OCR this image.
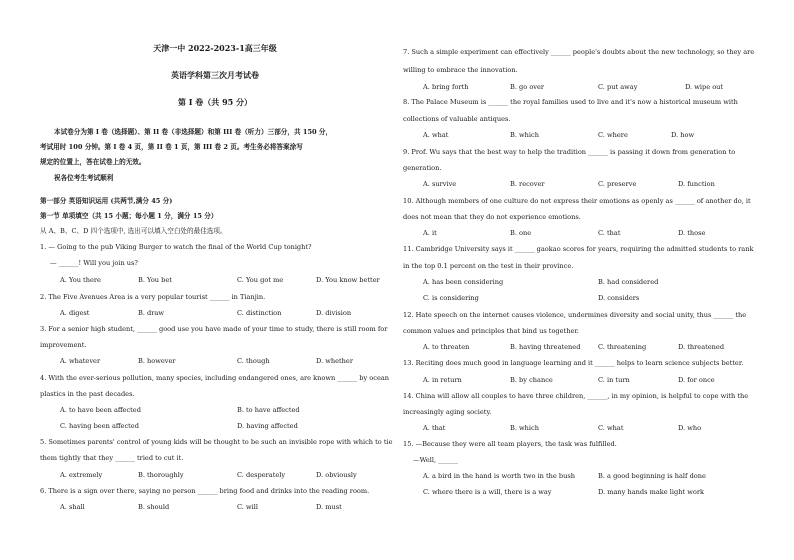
天津一中 2022-2023-1高三年级
英语学科第三次月考试卷
第 I 卷（共 95 分）
本试卷分为第 I 卷（选择题）、第 II 卷（非选择题）和第 III 卷（听力）三部分，共 150 分，
考试用时 100 分钟。第 I 卷 4 页，第 II 卷 1 页，第 III 卷 2 页。考生务必将答案涂写
规定的位置上，答在试卷上的无效。
祝各位考生考试顺利
第一部分 英语知识运用 (共两节,满分 45 分)
第一节 单项填空（共 15 小题；每小题 1 分，满分 15 分）
从 A、B、C、D 四个选项中, 选出可以填入空白处的最佳选项。
1. — Going to the pub Viking Burger to watch the final of the World Cup tonight?
— ______! Will you join us?
A. You there	B. You bet	C. You got me	D. You know better
2. The Five Avenues Area is a very popular tourist ______ in Tianjin.
A. digest	B. draw	C. distinction	D. division
3. For a senior high student, ______ good use you have made of your time to study, there is still room for
improvement.
A. whatever	B. however	C. though	D. whether
4. With the ever-serious pollution, many species, including endangered ones, are known ______ by ocean
plastics in the past decades.
A. to have been affected	B. to have affected
C. having been affected	D. having affected
5. Sometimes parents' control of young kids will be thought to be such an invisible rope with which to tie
them tightly that they ______ tried to cut it.
A. extremely	B. thoroughly	C. desperately	D. obviously
6. There is a sign over there, saying no person ______ bring food and drinks into the reading room.
A. shall	B. should	C. will	D. must
7. Such a simple experiment can effectively ______ people's doubts about the new technology, so they are
willing to embrace the innovation.
A. bring forth	B. go over	C. put away	D. wipe out
8. The Palace Museum is ______ the royal families used to live and it's now a historical museum with
collections of valuable antiques.
A. what	B. which	C. where	D. how
9. Prof. Wu says that the best way to help the tradition ______ is passing it down from generation to
generation.
A. survive	B. recover	C. preserve	D. function
10. Although members of one culture do not express their emotions as openly as ______ of another do, it
does not mean that they do not experience emotions.
A. it	B. one	C. that	D. those
11. Cambridge University says it ______ gaokao scores for years, requiring the admitted students to rank
in the top 0.1 percent on the test in their province.
A. has been considering	B. had considered
C. is considering	D. considers
12. Hate speech on the internet causes violence, undermines diversity and social unity, thus ______ the
common values and principles that bind us together.
A. to threaten	B. having threatened	C. threatening	D. threatened
13. Reciting does much good in language learning and it ______ helps to learn science subjects better.
A. in return	B. by chance	C. in turn	D. for once
14. China will allow all couples to have three children, ______, in my opinion, is helpful to cope with the
increasingly aging society.
A. that	B. which	C. what	D. who
15. —Because they were all team players, the task was fulfilled.
—Well, ______
A. a bird in the hand is worth two in the bush	B. a good beginning is half done
C. where there is a will, there is a way	D. many hands make light work
